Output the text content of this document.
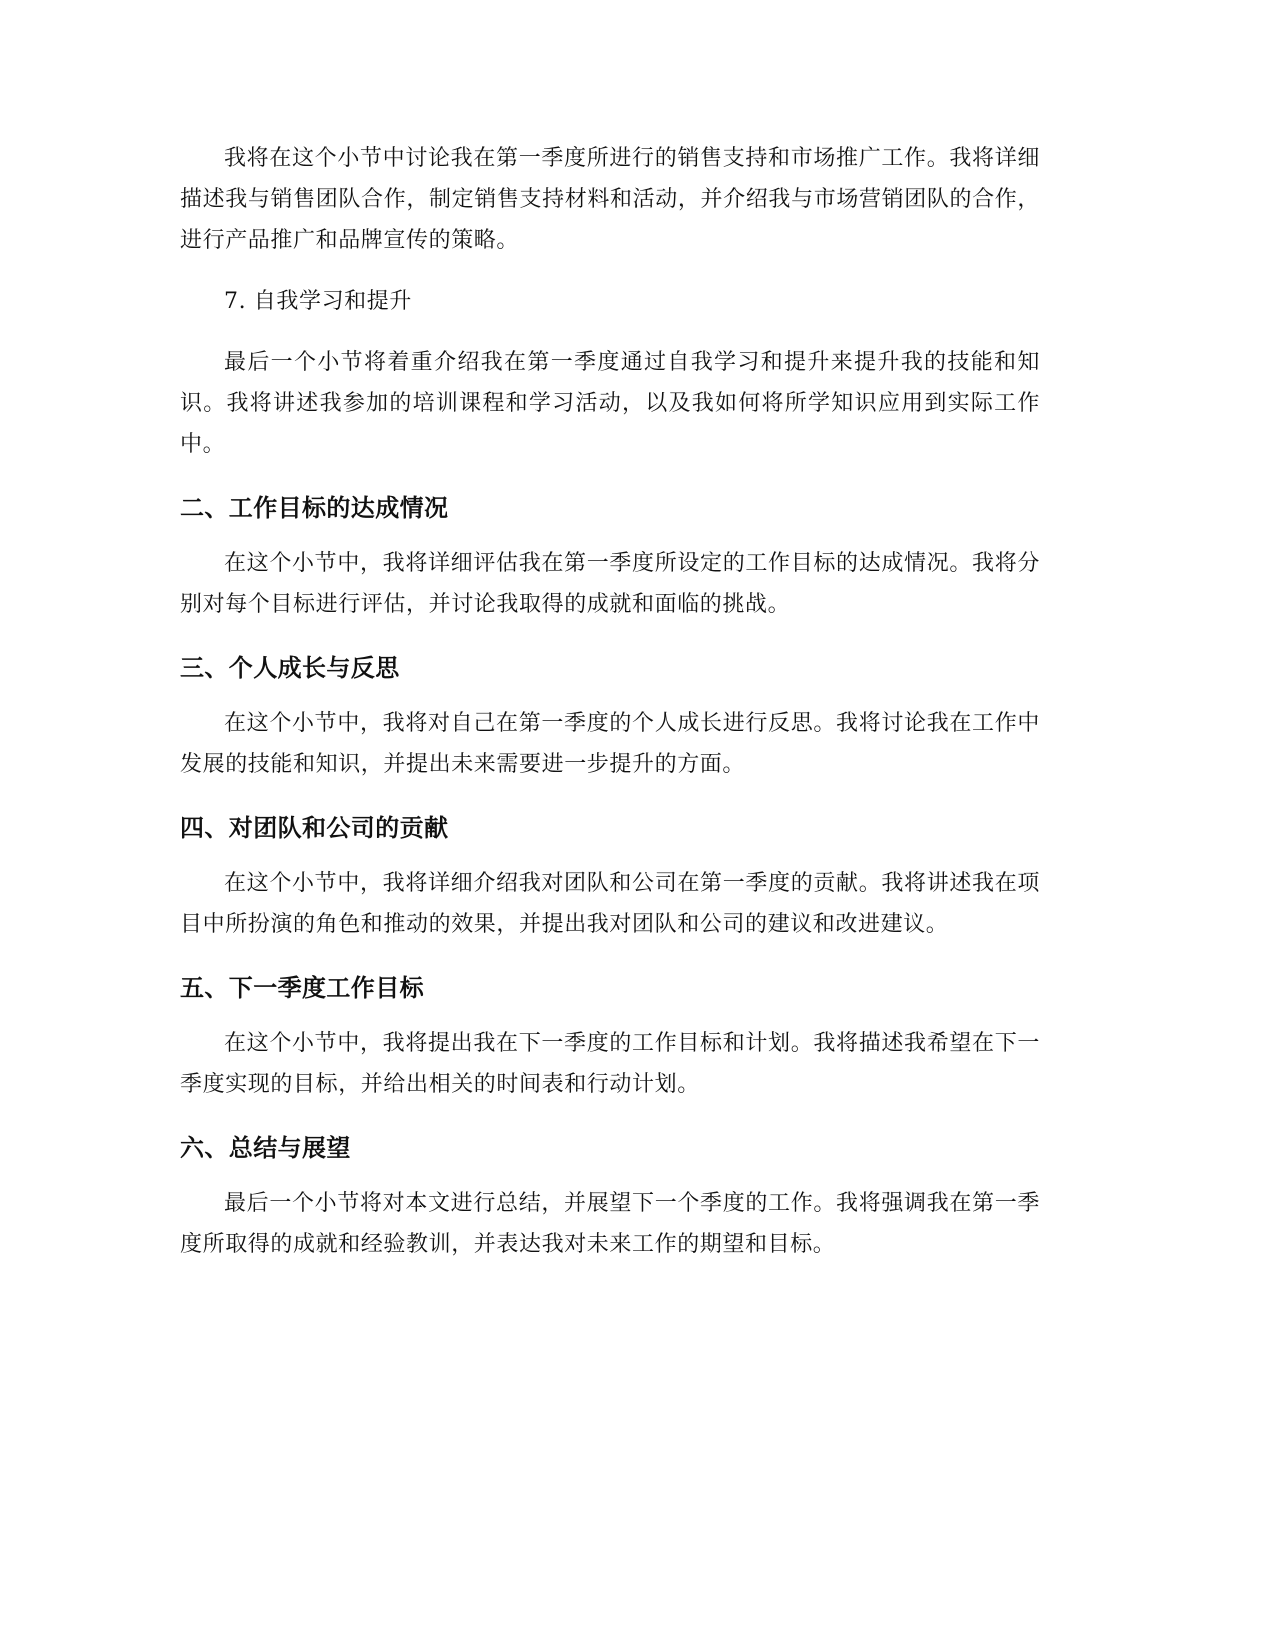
我将在这个小节中讨论我在第一季度所进行的销售支持和市场推广工作。我将详细描述我与销售团队合作，制定销售支持材料和活动，并介绍我与市场营销团队的合作，进行产品推广和品牌宣传的策略。

7. 自我学习和提升

最后一个小节将着重介绍我在第一季度通过自我学习和提升来提升我的技能和知识。我将讲述我参加的培训课程和学习活动，以及我如何将所学知识应用到实际工作中。

二、工作目标的达成情况

在这个小节中，我将详细评估我在第一季度所设定的工作目标的达成情况。我将分别对每个目标进行评估，并讨论我取得的成就和面临的挑战。

三、个人成长与反思

在这个小节中，我将对自己在第一季度的个人成长进行反思。我将讨论我在工作中发展的技能和知识，并提出未来需要进一步提升的方面。

四、对团队和公司的贡献

在这个小节中，我将详细介绍我对团队和公司在第一季度的贡献。我将讲述我在项目中所扮演的角色和推动的效果，并提出我对团队和公司的建议和改进建议。

五、下一季度工作目标

在这个小节中，我将提出我在下一季度的工作目标和计划。我将描述我希望在下一季度实现的目标，并给出相关的时间表和行动计划。

六、总结与展望

最后一个小节将对本文进行总结，并展望下一个季度的工作。我将强调我在第一季度所取得的成就和经验教训，并表达我对未来工作的期望和目标。
